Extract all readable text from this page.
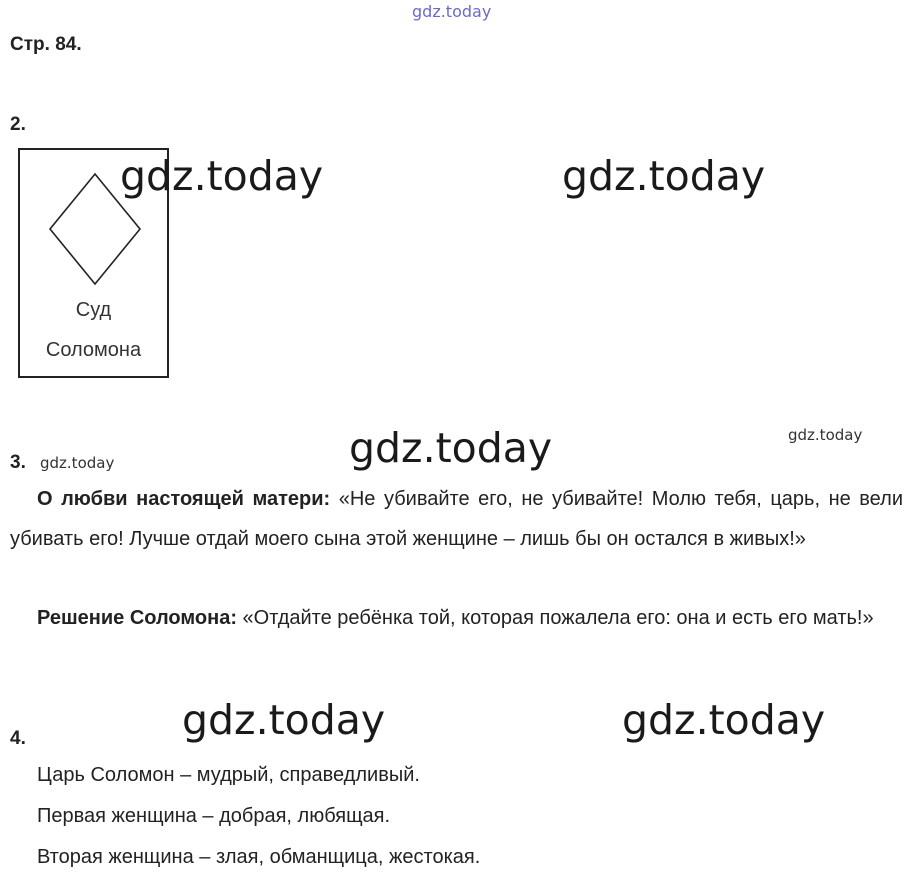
gdz.today
Стр. 84.
2.
Суд
Соломона
gdz.today	gdz.today
gdz.today	gdz.today
3. gdz.today
О любви настоящей матери: «Не убивайте его, не убивайте! Молю тебя, царь, не вели убивать его! Лучше отдай моего сына этой женщине – лишь бы он остался в живых!»
Решение Соломона: «Отдайте ребёнка той, которая пожалела его: она и есть его мать!»
gdz.today	gdz.today
4.
Царь Соломон – мудрый, справедливый.
Первая женщина – добрая, любящая.
Вторая женщина – злая, обманщица, жестокая.
